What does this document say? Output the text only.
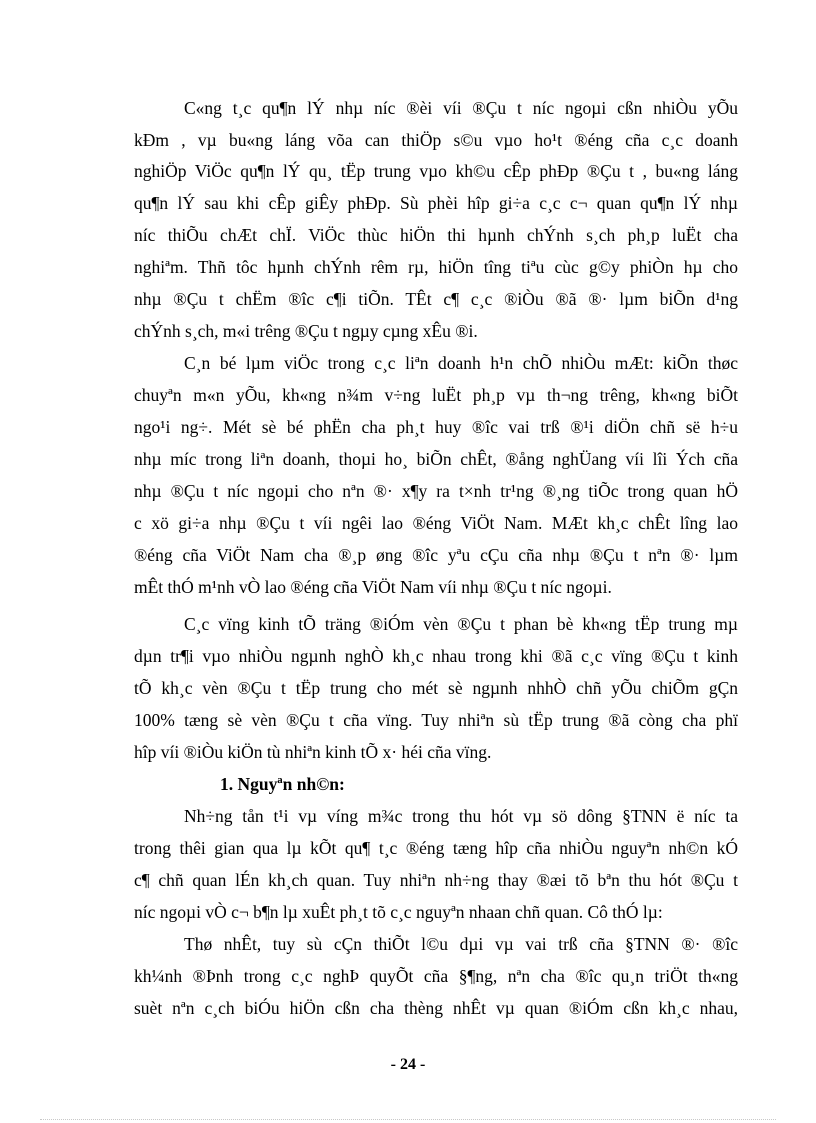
C«ng t¸c qu¶n lÝ nhµ níc ®èi víi ®Çu t níc ngoµi cßn nhiÒu yÕu
kÐm , vµ bu«ng láng võa can thiÖp s©u vµo ho¹t ®éng cña c¸c doanh
nghiÖp ViÖc qu¶n lÝ qu¸ tËp trung vµo kh©u cÊp phÐp ®Çu t , bu«ng láng
qu¶n lÝ sau khi cÊp giÊy phÐp. Sù phèi hîp gi÷a c¸c c¬ quan qu¶n lÝ nhµ
níc thiÕu chÆt chÏ. ViÖc thùc hiÖn thi hµnh chÝnh s¸ch ph¸p luËt cha
nghiªm. Thñ tôc hµnh chÝnh rêm rµ, hiÖn tîng tiªu cùc g©y phiÒn hµ cho
nhµ ®Çu t chËm ®îc c¶i tiÕn. TÊt c¶ c¸c ®iÒu ®ã ®· lµm biÕn d¹ng
chÝnh s¸ch, m«i trêng ®Çu t ngµy cµng xÊu ®i.
C¸n bé lµm viÖc trong c¸c liªn doanh h¹n chÕ nhiÒu mÆt: kiÕn thøc
chuyªn m«n yÕu, kh«ng n¾m v÷ng luËt ph¸p vµ th¬ng trêng, kh«ng biÕt
ngo¹i ng÷. Mét sè bé phËn cha ph¸t huy ®îc vai trß ®¹i diÖn chñ së h÷u
nhµ míc trong liªn doanh, thoµi ho¸ biÕn chÊt, ®ång nghÜang víi lîi Ých cña
nhµ ®Çu t níc ngoµi cho nªn ®· x¶y ra t×nh tr¹ng ®¸ng tiÕc trong quan hÖ
c xö gi÷a nhµ ®Çu t víi ngêi lao ®éng ViÖt Nam. MÆt kh¸c chÊt lîng lao
®éng cña ViÖt Nam cha ®¸p øng ®îc yªu cÇu cña nhµ ®Çu t nªn ®· lµm
mÊt thÓ m¹nh vÒ lao ®éng cña ViÖt Nam víi nhµ ®Çu t níc ngoµi.
C¸c vïng kinh tÕ träng ®iÓm vèn ®Çu t phan bè kh«ng tËp trung mµ
dµn tr¶i vµo nhiÒu ngµnh nghÒ kh¸c nhau trong khi ®ã c¸c vïng ®Çu t kinh
tÕ kh¸c vèn ®Çu t tËp trung cho mét sè ngµnh nhhÒ chñ yÕu chiÕm gÇn
100% tæng sè vèn ®Çu t cña vïng. Tuy nhiªn sù tËp trung ®ã còng cha phï
hîp víi ®iÒu kiÖn tù nhiªn kinh tÕ x· héi cña vïng.
1. Nguyªn nh©n:
Nh÷ng tån t¹i vµ víng m¾c trong thu hót vµ sö dông §TNN ë níc ta
trong thêi gian qua lµ kÕt qu¶ t¸c ®éng tæng hîp cña nhiÒu nguyªn nh©n kÓ
c¶ chñ quan lÉn kh¸ch quan. Tuy nhiªn nh÷ng thay ®æi tõ bªn thu hót ®Çu t
níc ngoµi vÒ c¬ b¶n lµ xuÊt ph¸t tõ c¸c nguyªn nhaan chñ quan. Cô thÓ lµ:
Thø nhÊt, tuy sù cÇn thiÕt l©u dµi vµ vai trß cña §TNN ®· ®îc
kh¼nh ®Þnh trong c¸c nghÞ quyÕt cña §¶ng, nªn cha ®îc qu¸n triÖt th«ng
suèt nªn c¸ch biÓu hiÖn cßn cha thèng nhÊt vµ quan ®iÓm cßn kh¸c nhau,
- 24 -
